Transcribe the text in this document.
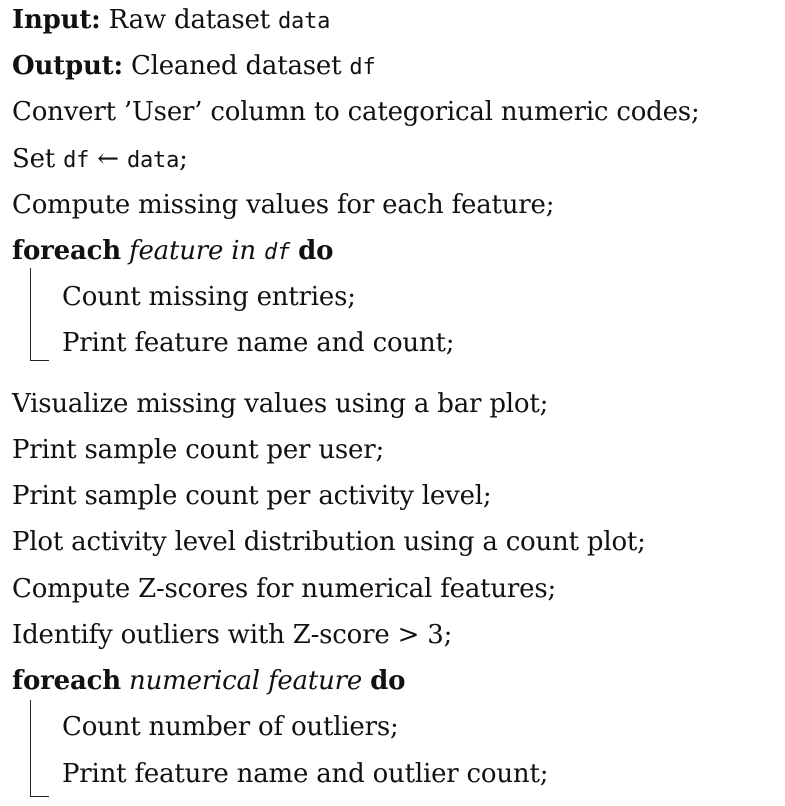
Input: Raw dataset data
Output: Cleaned dataset df
Convert ’User’ column to categorical numeric codes;
Set df ← data;
Compute missing values for each feature;
foreach feature in df do
Count missing entries;
Print feature name and count;
Visualize missing values using a bar plot;
Print sample count per user;
Print sample count per activity level;
Plot activity level distribution using a count plot;
Compute Z-scores for numerical features;
Identify outliers with Z-score > 3;
foreach numerical feature do
Count number of outliers;
Print feature name and outlier count;
